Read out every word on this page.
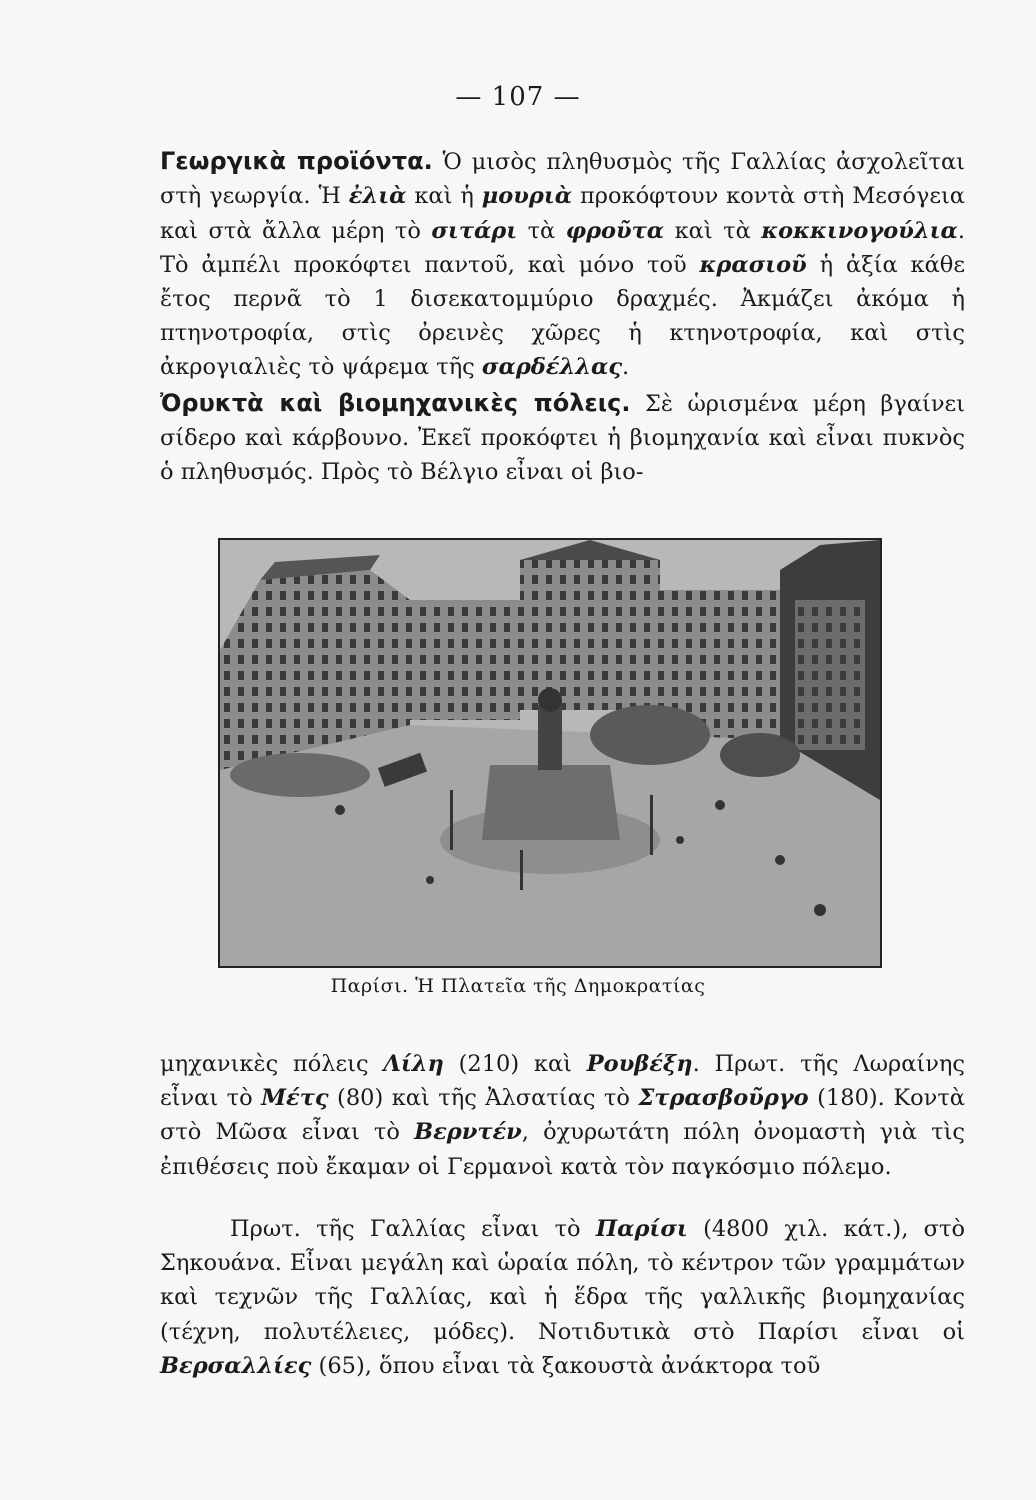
— 107 —
Γεωργικὰ προϊόντα. Ὁ μισὸς πληθυσμὸς τῆς Γαλλίας ἀσχολεῖται στὴ γεωργία. Ἡ ἐλιὰ καὶ ἡ μουριὰ προκόφτουν κοντὰ στὴ Μεσόγεια καὶ στὰ ἄλλα μέρη τὸ σιτάρι τὰ φροῦτα καὶ τὰ κοκκινογούλια. Τὸ ἀμπέλι προκόφτει παντοῦ, καὶ μόνο τοῦ κρασιοῦ ἡ ἀξία κάθε ἔτος περνᾶ τὸ 1 δισεκατομμύριο δραχμές. Ἀκμάζει ἀκόμα ἡ πτηνοτροφία, στὶς ὀρεινὲς χῶρες ἡ κτηνοτροφία, καὶ στὶς ἀκρογιαλιὲς τὸ ψάρεμα τῆς σαρδέλλας.
Ὀρυκτὰ καὶ βιομηχανικὲς πόλεις. Σὲ ὡρισμένα μέρη βγαίνει σίδερο καὶ κάρβουνο. Ἐκεῖ προκόφτει ἡ βιομηχανία καὶ εἶναι πυκνὸς ὁ πληθυσμός. Πρὸς τὸ Βέλγιο εἶναι οἱ βιο-
Παρίσι. Ἡ Πλατεῖα τῆς Δημοκρατίας
μηχανικὲς πόλεις Λίλη (210) καὶ Ρουβέξη. Πρωτ. τῆς Λωραίνης εἶναι τὸ Μέτς (80) καὶ τῆς Ἀλσατίας τὸ Στρασβοῦργο (180). Κοντὰ στὸ Μῶσα εἶναι τὸ Βερντέν, ὀχυρωτάτη πόλη ὀνομαστὴ γιὰ τὶς ἐπιθέσεις ποὺ ἔκαμαν οἱ Γερμανοὶ κατὰ τὸν παγκόσμιο πόλεμο.
Πρωτ. τῆς Γαλλίας εἶναι τὸ Παρίσι (4800 χιλ. κάτ.), στὸ Σηκουάνα. Εἶναι μεγάλη καὶ ὡραία πόλη, τὸ κέντρον τῶν γραμμάτων καὶ τεχνῶν τῆς Γαλλίας, καὶ ἡ ἕδρα τῆς γαλλικῆς βιομηχανίας (τέχνη, πολυτέλειες, μόδες). Νοτιδυτικὰ στὸ Παρίσι εἶναι οἱ Βερσαλλίες (65), ὅπου εἶναι τὰ ξακουστὰ ἀνάκτορα τοῦ
